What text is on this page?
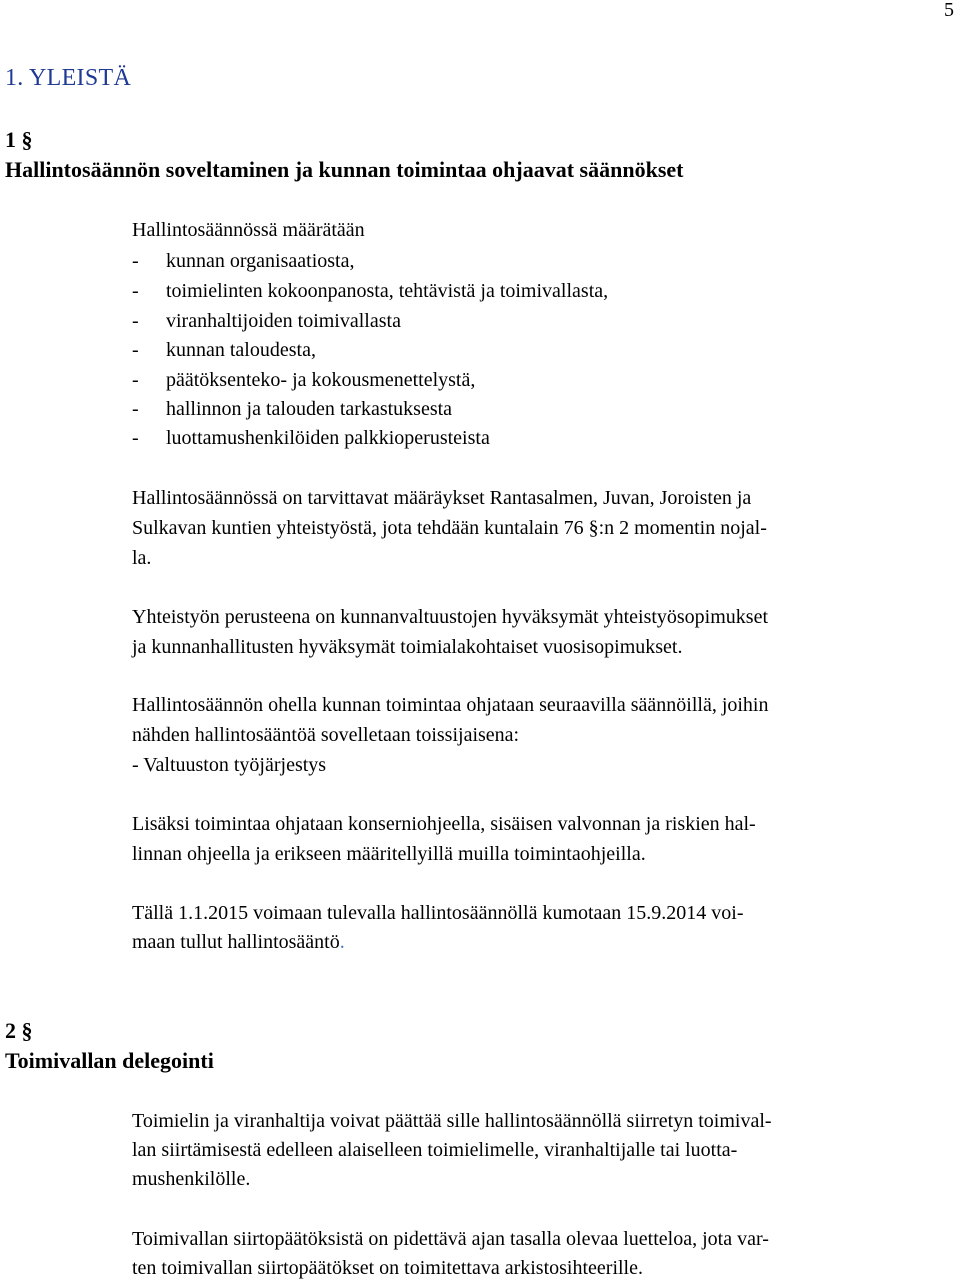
5
1. YLEISTÄ
1 §
Hallintosäännön soveltaminen ja kunnan toimintaa ohjaavat säännökset
Hallintosäännössä määrätään
- kunnan organisaatiosta,
- toimielinten kokoonpanosta, tehtävistä ja toimivallasta,
- viranhaltijoiden toimivallasta
- kunnan taloudesta,
- päätöksenteko- ja kokousmenettelystä,
- hallinnon ja talouden tarkastuksesta
- luottamushenkilöiden palkkioperusteista
Hallintosäännössä on tarvittavat määräykset Rantasalmen, Juvan, Joroisten ja
Sulkavan kuntien yhteistyöstä, jota tehdään kuntalain 76 §:n 2 momentin nojal-
la.
Yhteistyön perusteena on kunnanvaltuustojen hyväksymät yhteistyösopimukset
ja kunnanhallitusten hyväksymät toimialakohtaiset vuosisopimukset.
Hallintosäännön ohella kunnan toimintaa ohjataan seuraavilla säännöillä, joihin
nähden hallintosääntöä sovelletaan toissijaisena:
- Valtuuston työjärjestys
Lisäksi toimintaa ohjataan konserniohjeella, sisäisen valvonnan ja riskien hal-
linnan ohjeella ja erikseen määritellyillä muilla toimintaohjeilla.
Tällä 1.1.2015 voimaan tulevalla hallintosäännöllä kumotaan 15.9.2014 voi-
maan tullut hallintosääntö.
2 §
Toimivallan delegointi
Toimielin ja viranhaltija voivat päättää sille hallintosäännöllä siirretyn toimival-
lan siirtämisestä edelleen alaiselleen toimielimelle, viranhaltijalle tai luotta-
mushenkilölle.
Toimivallan siirtopäätöksistä on pidettävä ajan tasalla olevaa luetteloa, jota var-
ten toimivallan siirtopäätökset on toimitettava arkistosihteerille.
